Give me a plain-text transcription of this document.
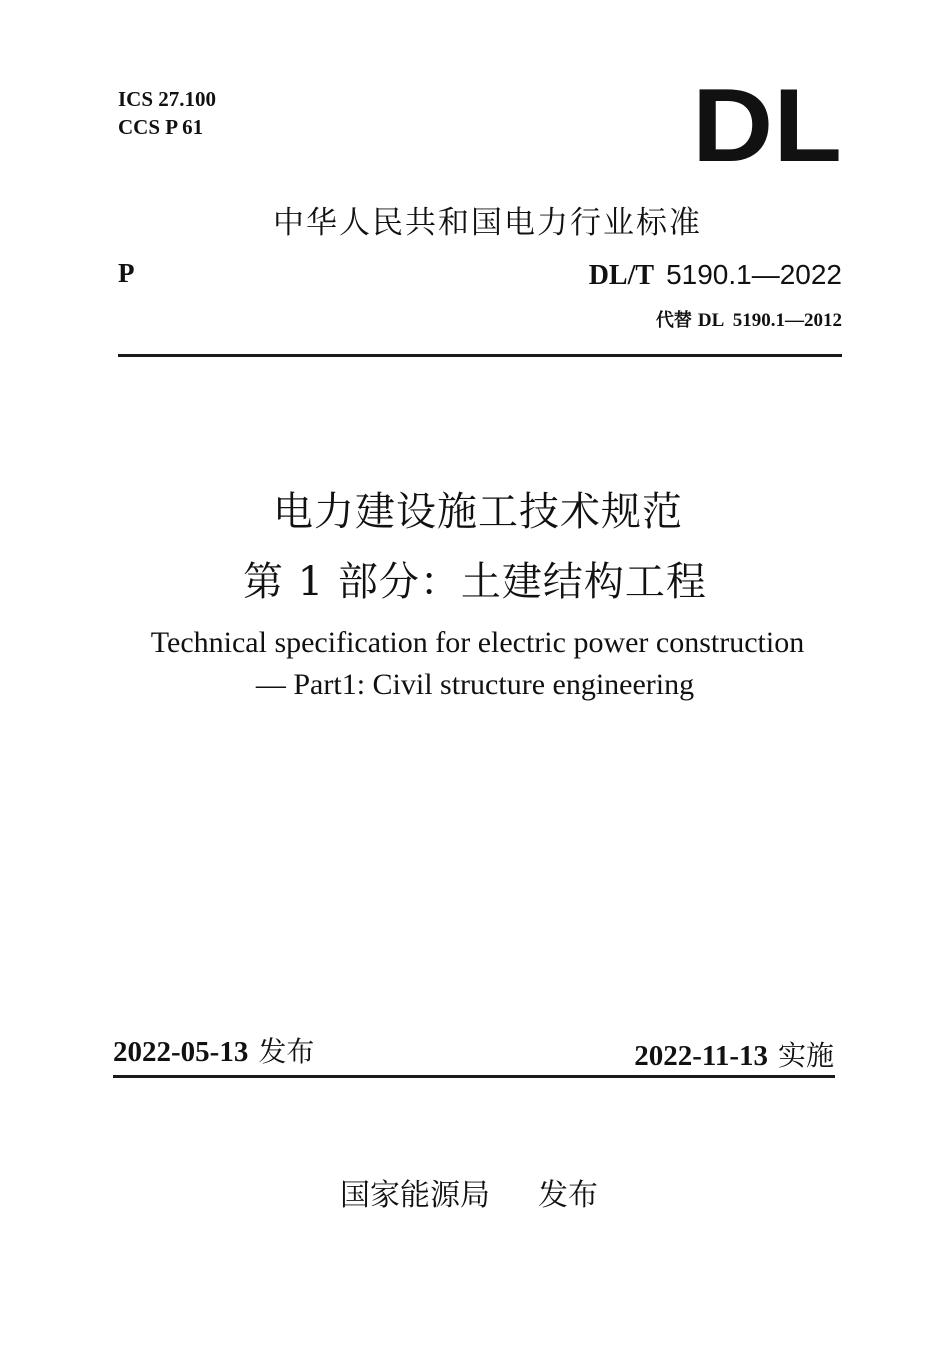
ICS 27.100
CCS P 61	DL
中华人民共和国电力行业标准
P	DL/T 5190.1—2022
代替 DL  5190.1—2012
电力建设施工技术规范
第 1 部分：土建结构工程
Technical specification for electric power construction
— Part1: Civil structure engineering
2022-05-13 发布	2022-11-13 实施
国家能源局 发布
